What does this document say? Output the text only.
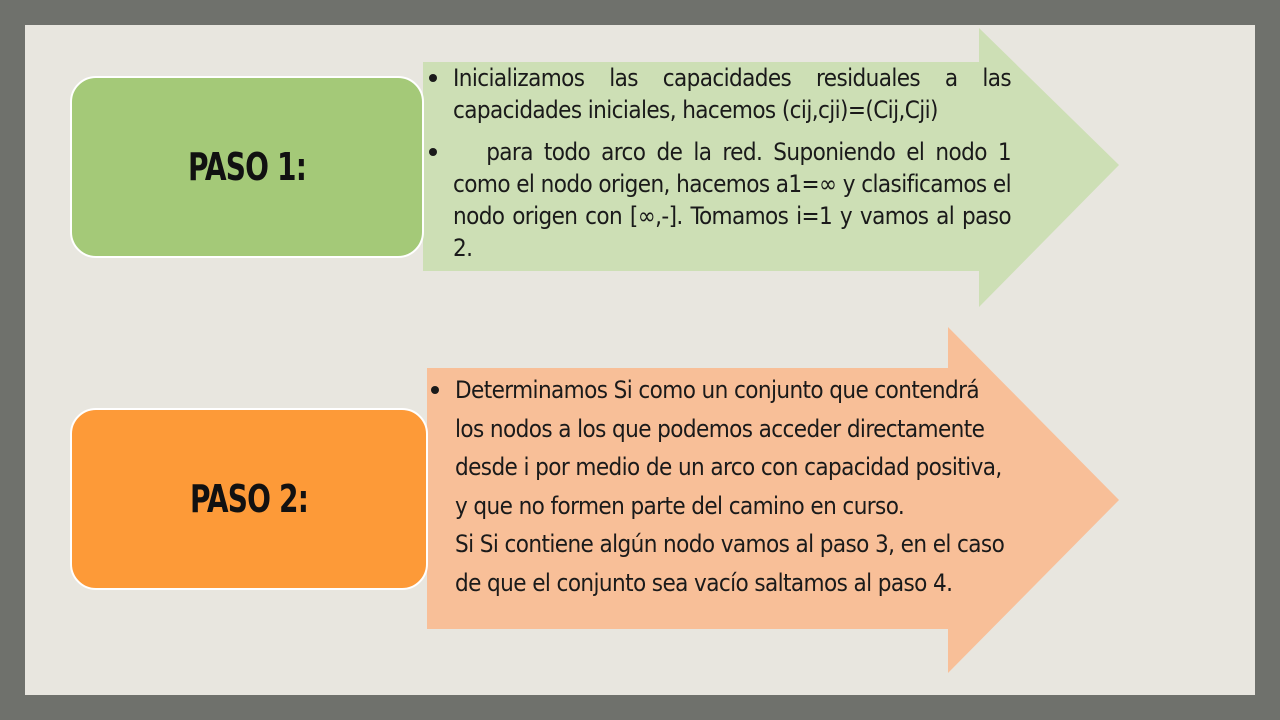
PASO 1:
PASO 2:
Inicializamos las capacidades residuales a las capacidades iniciales, hacemos (cij,cji)=(Cij,Cji)
para todo arco de la red. Suponiendo el nodo 1 como el nodo origen, hacemos a1=∞ y clasificamos el nodo origen con [∞,-]. Tomamos i=1 y vamos al paso 2.
Determinamos Si como un conjunto que contendrá
los nodos a los que podemos acceder directamente
desde i por medio de un arco con capacidad positiva,
y que no formen parte del camino en curso.
Si Si contiene algún nodo vamos al paso 3, en el caso
de que el conjunto sea vacío saltamos al paso 4.
